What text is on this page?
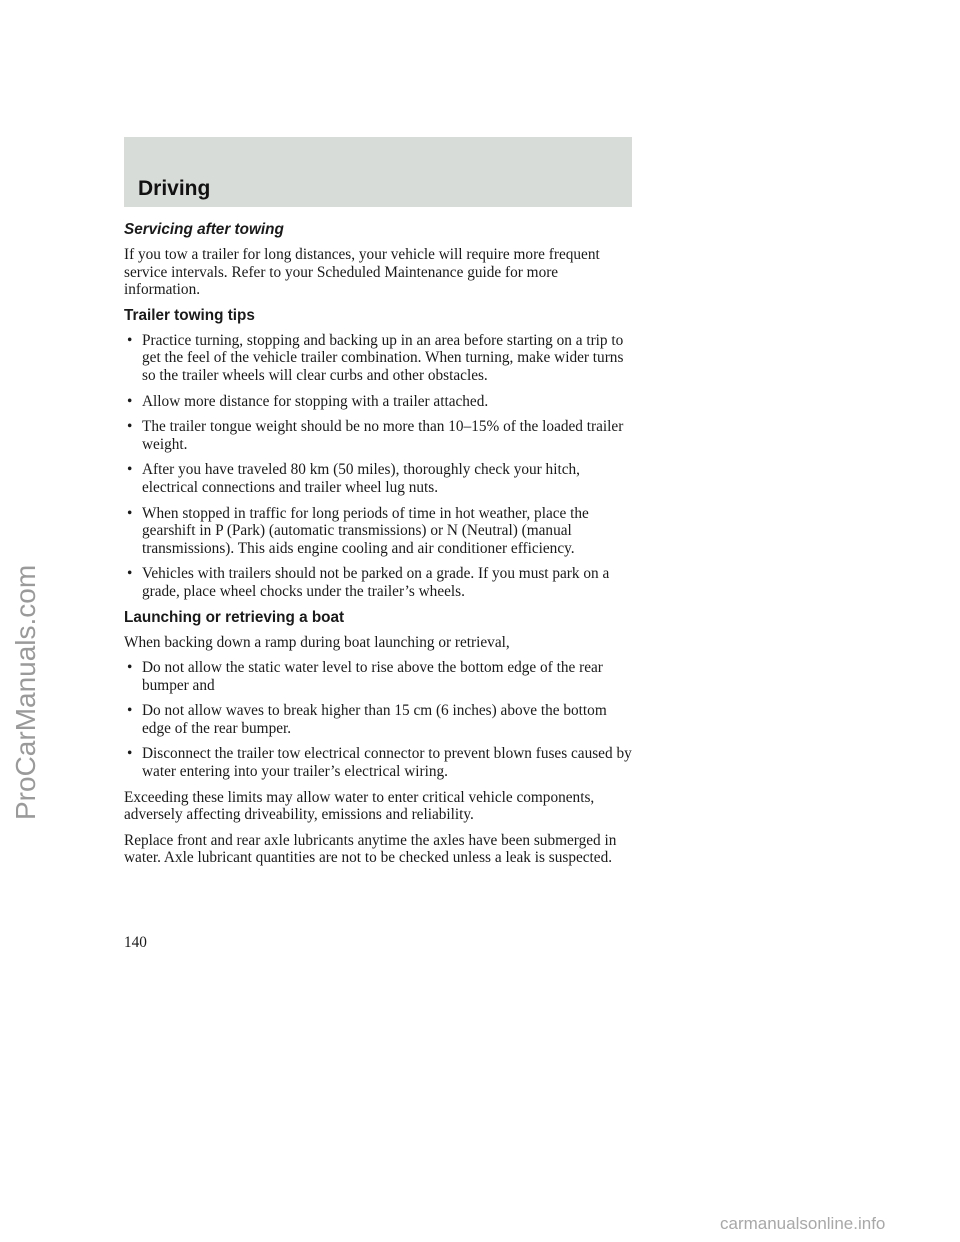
Driving
Servicing after towing

If you tow a trailer for long distances, your vehicle will require more frequent service intervals. Refer to your Scheduled Maintenance guide for more information.

Trailer towing tips
• Practice turning, stopping and backing up in an area before starting on a trip to get the feel of the vehicle trailer combination. When turning, make wider turns so the trailer wheels will clear curbs and other obstacles.
• Allow more distance for stopping with a trailer attached.
• The trailer tongue weight should be no more than 10–15% of the loaded trailer weight.
• After you have traveled 80 km (50 miles), thoroughly check your hitch, electrical connections and trailer wheel lug nuts.
• When stopped in traffic for long periods of time in hot weather, place the gearshift in P (Park) (automatic transmissions) or N (Neutral) (manual transmissions). This aids engine cooling and air conditioner efficiency.
• Vehicles with trailers should not be parked on a grade. If you must park on a grade, place wheel chocks under the trailer’s wheels.
Launching or retrieving a boat

When backing down a ramp during boat launching or retrieval,

• Do not allow the static water level to rise above the bottom edge of the rear bumper and
• Do not allow waves to break higher than 15 cm (6 inches) above the bottom edge of the rear bumper.
• Disconnect the trailer tow electrical connector to prevent blown fuses caused by water entering into your trailer’s electrical wiring.

Exceeding these limits may allow water to enter critical vehicle components, adversely affecting driveability, emissions and reliability.

Replace front and rear axle lubricants anytime the axles have been submerged in water. Axle lubricant quantities are not to be checked unless a leak is suspected.

140
ProCarManuals.com
carmanualsonline.info
